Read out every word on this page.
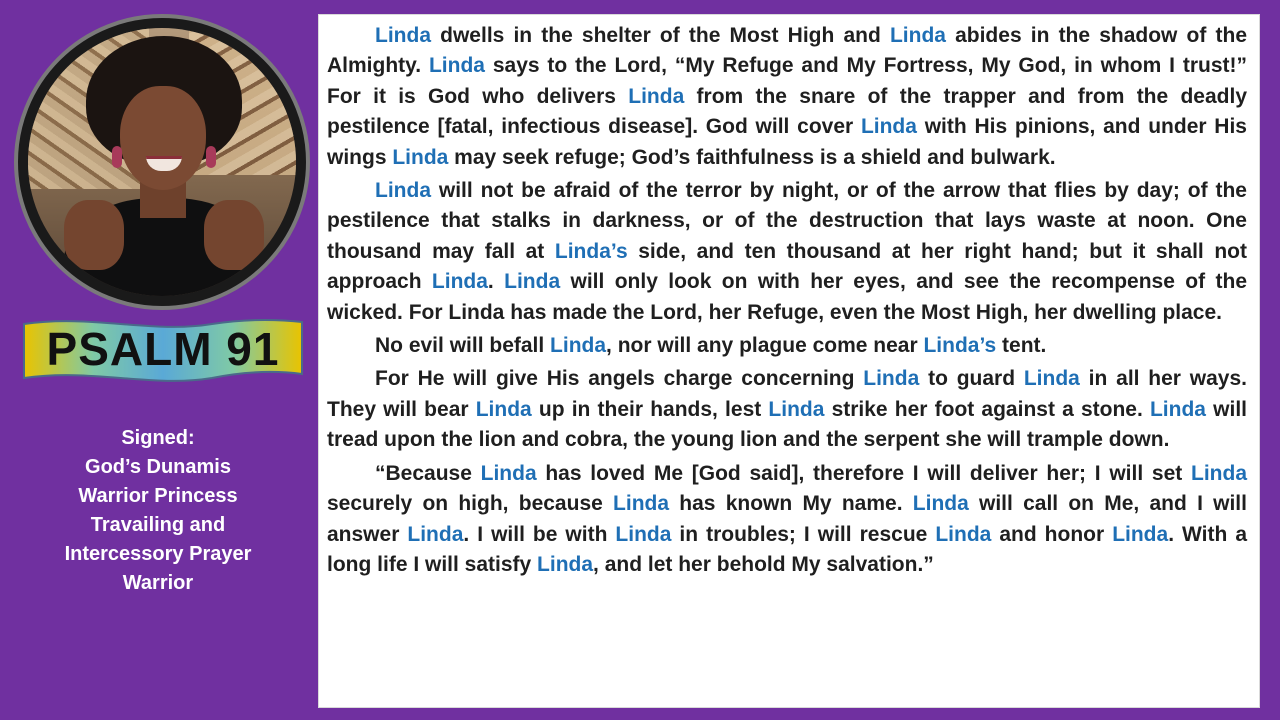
PSALM 91
Signed:
God’s Dunamis
Warrior Princess
Travailing and
Intercessory Prayer
Warrior

Linda dwells in the shelter of the Most High and Linda abides in the shadow of the Almighty. Linda says to the Lord, “My Refuge and My Fortress, My God, in whom I trust!” For it is God who delivers Linda from the snare of the trapper and from the deadly pestilence [fatal, infectious disease]. God will cover Linda with His pinions, and under His wings Linda may seek refuge; God’s faithfulness is a shield and bulwark.

Linda will not be afraid of the terror by night, or of the arrow that flies by day; of the pestilence that stalks in darkness, or of the destruction that lays waste at noon. One thousand may fall at Linda’s side, and ten thousand at her right hand; but it shall not approach Linda. Linda will only look on with her eyes, and see the recompense of the wicked. For Linda has made the Lord, her Refuge, even the Most High, her dwelling place.

No evil will befall Linda, nor will any plague come near Linda’s tent.

For He will give His angels charge concerning Linda to guard Linda in all her ways. They will bear Linda up in their hands, lest Linda strike her foot against a stone. Linda will tread upon the lion and cobra, the young lion and the serpent she will trample down.

“Because Linda has loved Me [God said], therefore I will deliver her; I will set Linda securely on high, because Linda has known My name. Linda will call on Me, and I will answer Linda. I will be with Linda in troubles; I will rescue Linda and honor Linda. With a long life I will satisfy Linda, and let her behold My salvation.”
